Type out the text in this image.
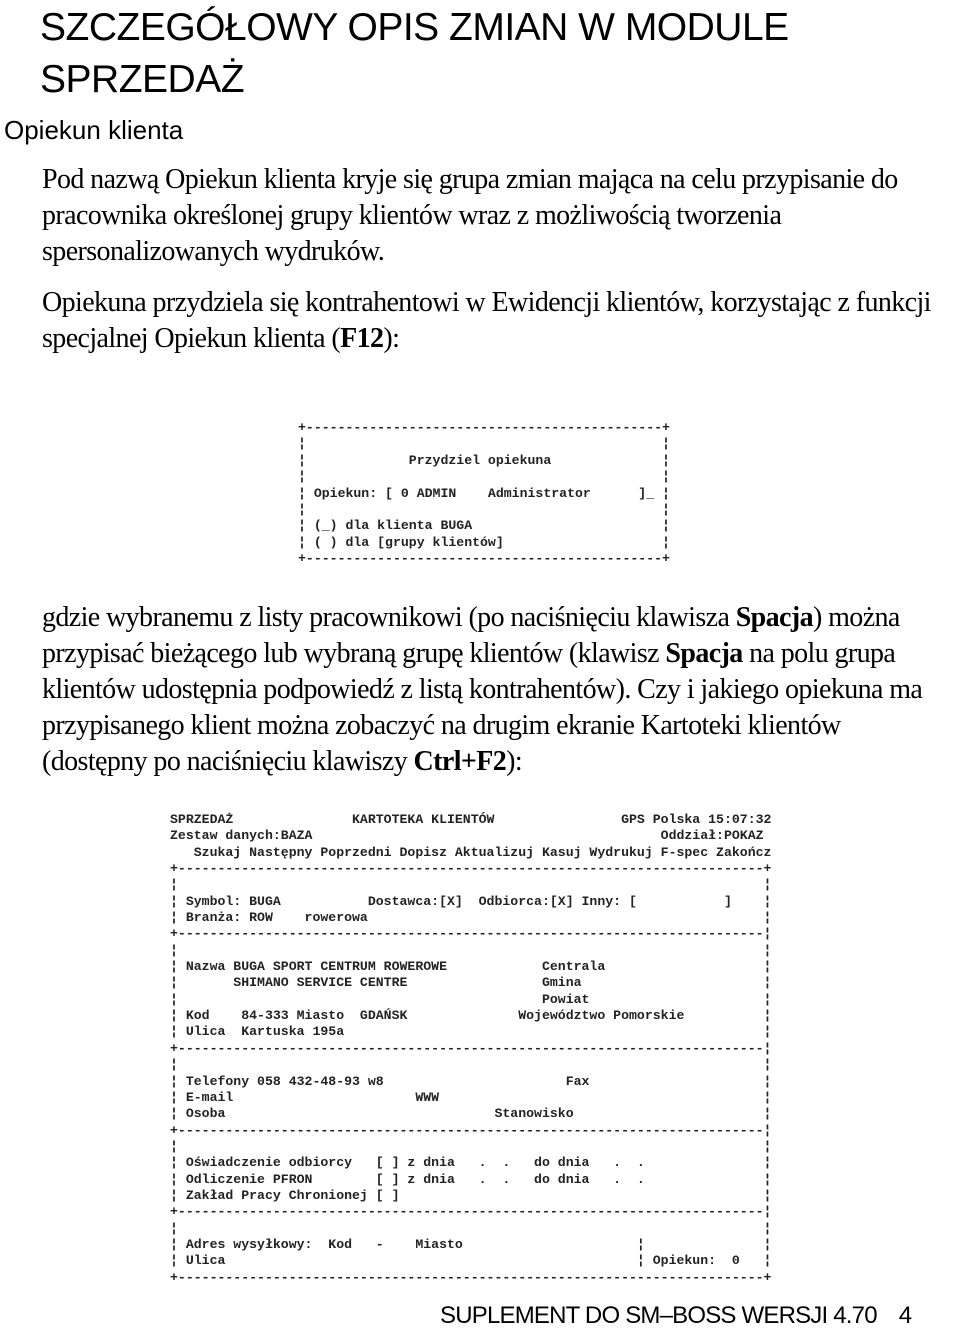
SZCZEGÓŁOWY OPIS ZMIAN W MODULE
SPRZEDAŻ
Opiekun klienta

Pod nazwą Opiekun klienta kryje się grupa zmian mająca na celu przypisanie do pracownika określonej grupy klientów wraz z możliwością tworzenia spersonalizowanych wydruków.

Opiekuna przydziela się kontrahentowi w Ewidencji klientów, korzystając z funkcji specjalnej Opiekun klienta (F12):

+---------------------------------------------+
¦                                             ¦
¦             Przydziel opiekuna              ¦
¦                                             ¦
¦ Opiekun: [ 0 ADMIN    Administrator      ]_ ¦
¦                                             ¦
¦ (_) dla klienta BUGA                        ¦
¦ ( ) dla [grupy klientów]                    ¦
+---------------------------------------------+

gdzie wybranemu z listy pracownikowi (po naciśnięciu klawisza Spacja) można przypisać bieżącego lub wybraną grupę klientów (klawisz Spacja na polu grupa klientów udostępnia podpowiedź z listą kontrahentów). Czy i jakiego opiekuna ma przypisanego klient można zobaczyć na drugim ekranie Kartoteki klientów (dostępny po naciśnięciu klawiszy Ctrl+F2):

SPRZEDAŻ               KARTOTEKA KLIENTÓW                GPS Polska 15:07:32
Zestaw danych:BAZA                                            Oddział:POKAZ
Szukaj Następny Poprzedni Dopisz Aktualizuj Kasuj Wydrukuj F-spec Zakończ
+--------------------------------------------------------------------------+
¦                                                                          ¦
¦ Symbol: BUGA           Dostawca:[X]  Odbiorca:[X] Inny: [           ]    ¦
¦ Branża: ROW    rowerowa                                                  ¦
+--------------------------------------------------------------------------¦
¦                                                                          ¦
¦ Nazwa BUGA SPORT CENTRUM ROWEROWE            Centrala                    ¦
¦       SHIMANO SERVICE CENTRE                 Gmina                       ¦
¦                                              Powiat                      ¦
¦ Kod    84-333 Miasto  GDAŃSK              Województwo Pomorskie          ¦
¦ Ulica  Kartuska 195a                                                     ¦
+--------------------------------------------------------------------------¦
¦                                                                          ¦
¦ Telefony 058 432-48-93 w8                       Fax                      ¦
¦ E-mail                       WWW                                         ¦
¦ Osoba                                  Stanowisko                        ¦
+--------------------------------------------------------------------------¦
¦                                                                          ¦
¦ Oświadczenie odbiorcy   [ ] z dnia   .  .   do dnia   .  .               ¦
¦ Odliczenie PFRON        [ ] z dnia   .  .   do dnia   .  .               ¦
¦ Zakład Pracy Chronionej [ ]                                              ¦
+--------------------------------------------------------------------------¦
¦                                                                          ¦
¦ Adres wysyłkowy:  Kod   -    Miasto                      ¦               ¦
¦ Ulica                                                    ¦ Opiekun:  0   ¦
+--------------------------------------------------------------------------+

SUPLEMENT DO SM–BOSS WERSJI 4.70 4
